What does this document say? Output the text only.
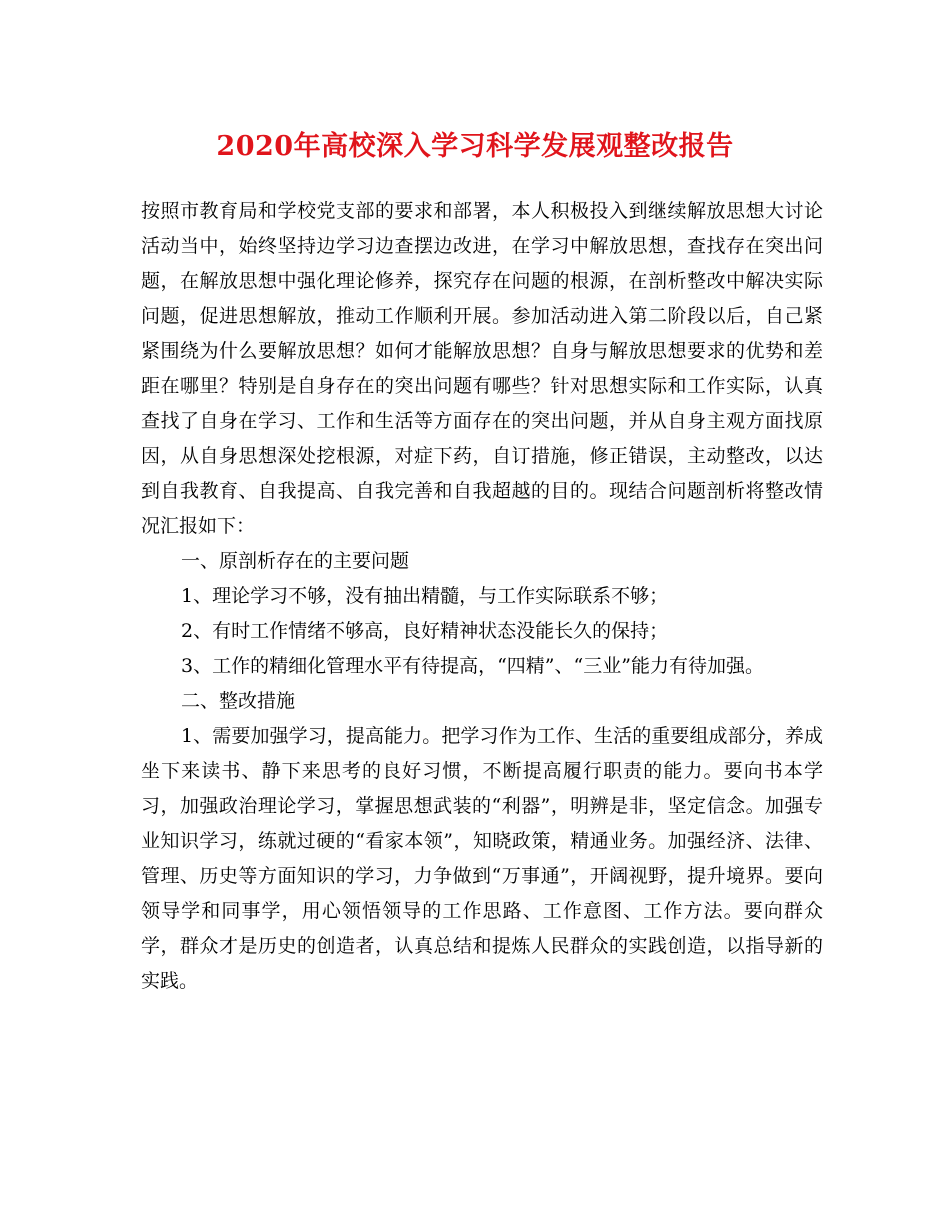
2020年高校深入学习科学发展观整改报告

按照市教育局和学校党支部的要求和部署，本人积极投入到继续解放思想大讨论活动当中，始终坚持边学习边查摆边改进，在学习中解放思想，查找存在突出问题，在解放思想中强化理论修养，探究存在问题的根源，在剖析整改中解决实际问题，促进思想解放，推动工作顺利开展。参加活动进入第二阶段以后，自己紧紧围绕为什么要解放思想？如何才能解放思想？自身与解放思想要求的优势和差距在哪里？特别是自身存在的突出问题有哪些？针对思想实际和工作实际，认真查找了自身在学习、工作和生活等方面存在的突出问题，并从自身主观方面找原因，从自身思想深处挖根源，对症下药，自订措施，修正错误，主动整改，以达到自我教育、自我提高、自我完善和自我超越的目的。现结合问题剖析将整改情况汇报如下：

一、原剖析存在的主要问题

1、理论学习不够，没有抽出精髓，与工作实际联系不够；

2、有时工作情绪不够高，良好精神状态没能长久的保持；

3、工作的精细化管理水平有待提高，“四精”、“三业”能力有待加强。

二、整改措施

1、需要加强学习，提高能力。把学习作为工作、生活的重要组成部分，养成坐下来读书、静下来思考的良好习惯，不断提高履行职责的能力。要向书本学习，加强政治理论学习，掌握思想武装的“利器”，明辨是非，坚定信念。加强专业知识学习，练就过硬的“看家本领”，知晓政策，精通业务。加强经济、法律、管理、历史等方面知识的学习，力争做到“万事通”，开阔视野，提升境界。要向领导学和同事学，用心领悟领导的工作思路、工作意图、工作方法。要向群众学，群众才是历史的创造者，认真总结和提炼人民群众的实践创造，以指导新的实践。
